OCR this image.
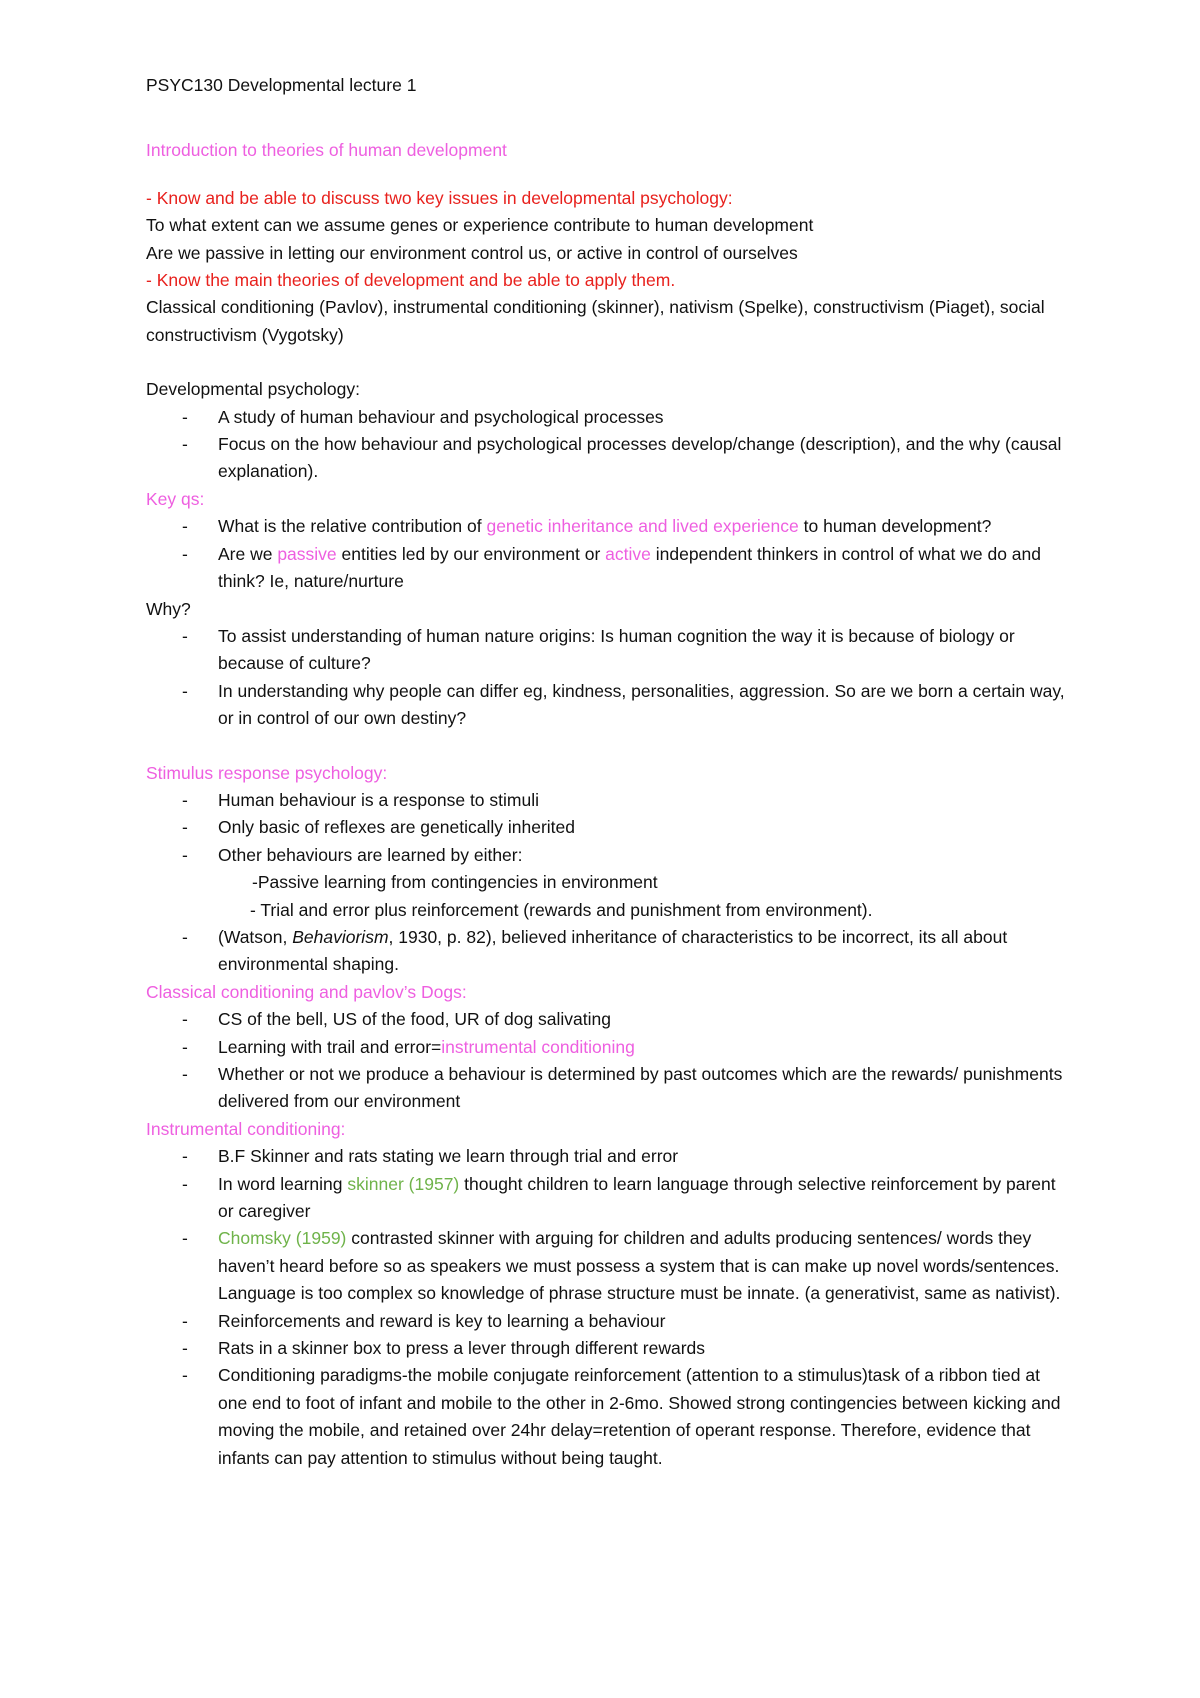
PSYC130 Developmental lecture 1

Introduction to theories of human development

- Know and be able to discuss two key issues in developmental psychology:

To what extent can we assume genes or experience contribute to human development

Are we passive in letting our environment control us, or active in control of ourselves

- Know the main theories of development and be able to apply them.

Classical conditioning (Pavlov), instrumental conditioning (skinner), nativism (Spelke), constructivism (Piaget), social constructivism (Vygotsky)

Developmental psychology:

- A study of human behaviour and psychological processes
- Focus on the how behaviour and psychological processes develop/change (description), and the why (causal explanation).

Key qs:

- What is the relative contribution of genetic inheritance and lived experience to human development?
- Are we passive entities led by our environment or active independent thinkers in control of what we do and think? Ie, nature/nurture

Why?

- To assist understanding of human nature origins: Is human cognition the way it is because of biology or because of culture?
- In understanding why people can differ eg, kindness, personalities, aggression. So are we born a certain way, or in control of our own destiny?

Stimulus response psychology:

- Human behaviour is a response to stimuli
- Only basic of reflexes are genetically inherited
- Other behaviours are learned by either:

-Passive learning from contingencies in environment

- Trial and error plus reinforcement (rewards and punishment from environment).

- (Watson, Behaviorism, 1930, p. 82), believed inheritance of characteristics to be incorrect, its all about environmental shaping.

Classical conditioning and pavlov’s Dogs:

- CS of the bell, US of the food, UR of dog salivating
- Learning with trail and error=instrumental conditioning
- Whether or not we produce a behaviour is determined by past outcomes which are the rewards/ punishments delivered from our environment

Instrumental conditioning:

- B.F Skinner and rats stating we learn through trial and error
- In word learning skinner (1957) thought children to learn language through selective reinforcement by parent or caregiver
- Chomsky (1959) contrasted skinner with arguing for children and adults producing sentences/ words they haven’t heard before so as speakers we must possess a system that is can make up novel words/sentences. Language is too complex so knowledge of phrase structure must be innate. (a generativist, same as nativist).
- Reinforcements and reward is key to learning a behaviour
- Rats in a skinner box to press a lever through different rewards
- Conditioning paradigms-the mobile conjugate reinforcement (attention to a stimulus)task of a ribbon tied at one end to foot of infant and mobile to the other in 2-6mo. Showed strong contingencies between kicking and moving the mobile, and retained over 24hr delay=retention of operant response. Therefore, evidence that infants can pay attention to stimulus without being taught.
